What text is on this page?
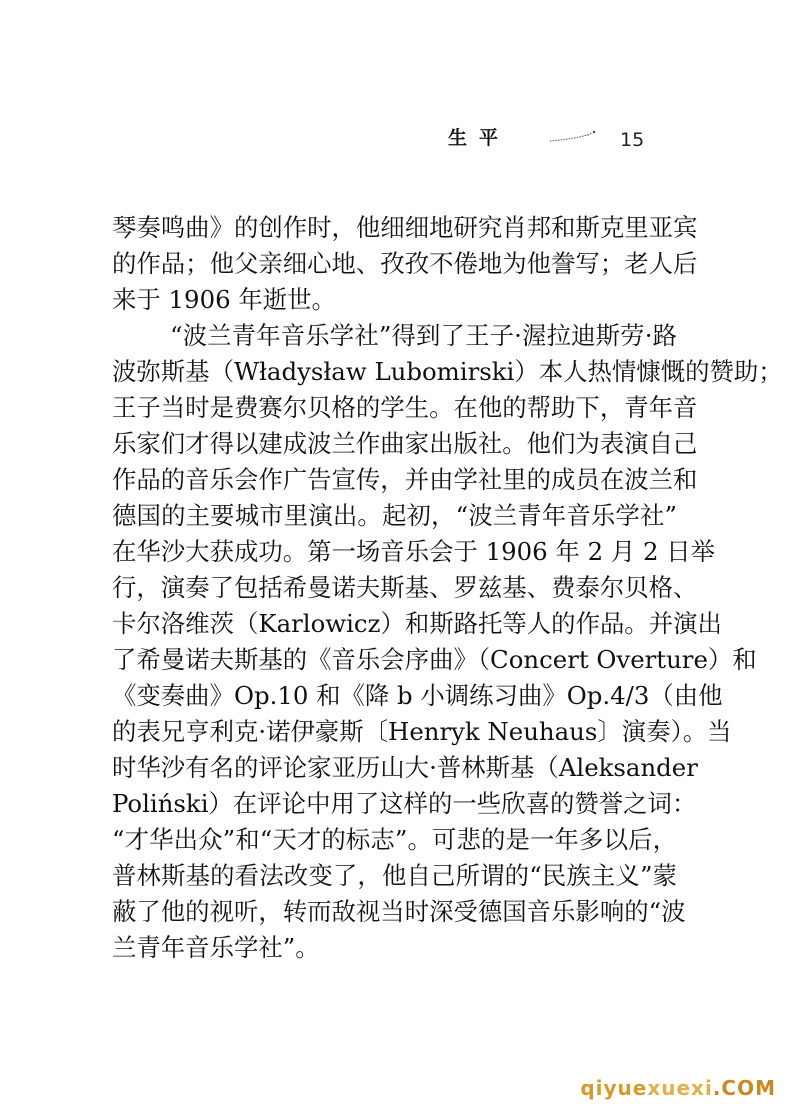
生平	15
琴奏鸣曲》的创作时，他细细地研究肖邦和斯克里亚宾
的作品；他父亲细心地、孜孜不倦地为他誊写；老人后
来于 1906 年逝世。
“波兰青年音乐学社”得到了王子·渥拉迪斯劳·路
波弥斯基（Władysław Lubomirski）本人热情慷慨的赞助；
王子当时是费赛尔贝格的学生。在他的帮助下，青年音
乐家们才得以建成波兰作曲家出版社。他们为表演自己
作品的音乐会作广告宣传，并由学社里的成员在波兰和
德国的主要城市里演出。起初，“波兰青年音乐学社”
在华沙大获成功。第一场音乐会于 1906 年 2 月 2 日举
行，演奏了包括希曼诺夫斯基、罗兹基、费泰尔贝格、
卡尔洛维茨（Karlowicz）和斯路托等人的作品。并演出
了希曼诺夫斯基的《音乐会序曲》（Concert Overture）和
《变奏曲》Op.10 和《降 b 小调练习曲》Op.4/3（由他
的表兄亨利克·诺伊豪斯〔Henryk Neuhaus〕演奏）。当
时华沙有名的评论家亚历山大·普林斯基（Aleksander
Poliński）在评论中用了这样的一些欣喜的赞誉之词：
“才华出众”和“天才的标志”。可悲的是一年多以后，
普林斯基的看法改变了，他自己所谓的“民族主义”蒙
蔽了他的视听，转而敌视当时深受德国音乐影响的“波
兰青年音乐学社”。
qiyuexuexi.COM
